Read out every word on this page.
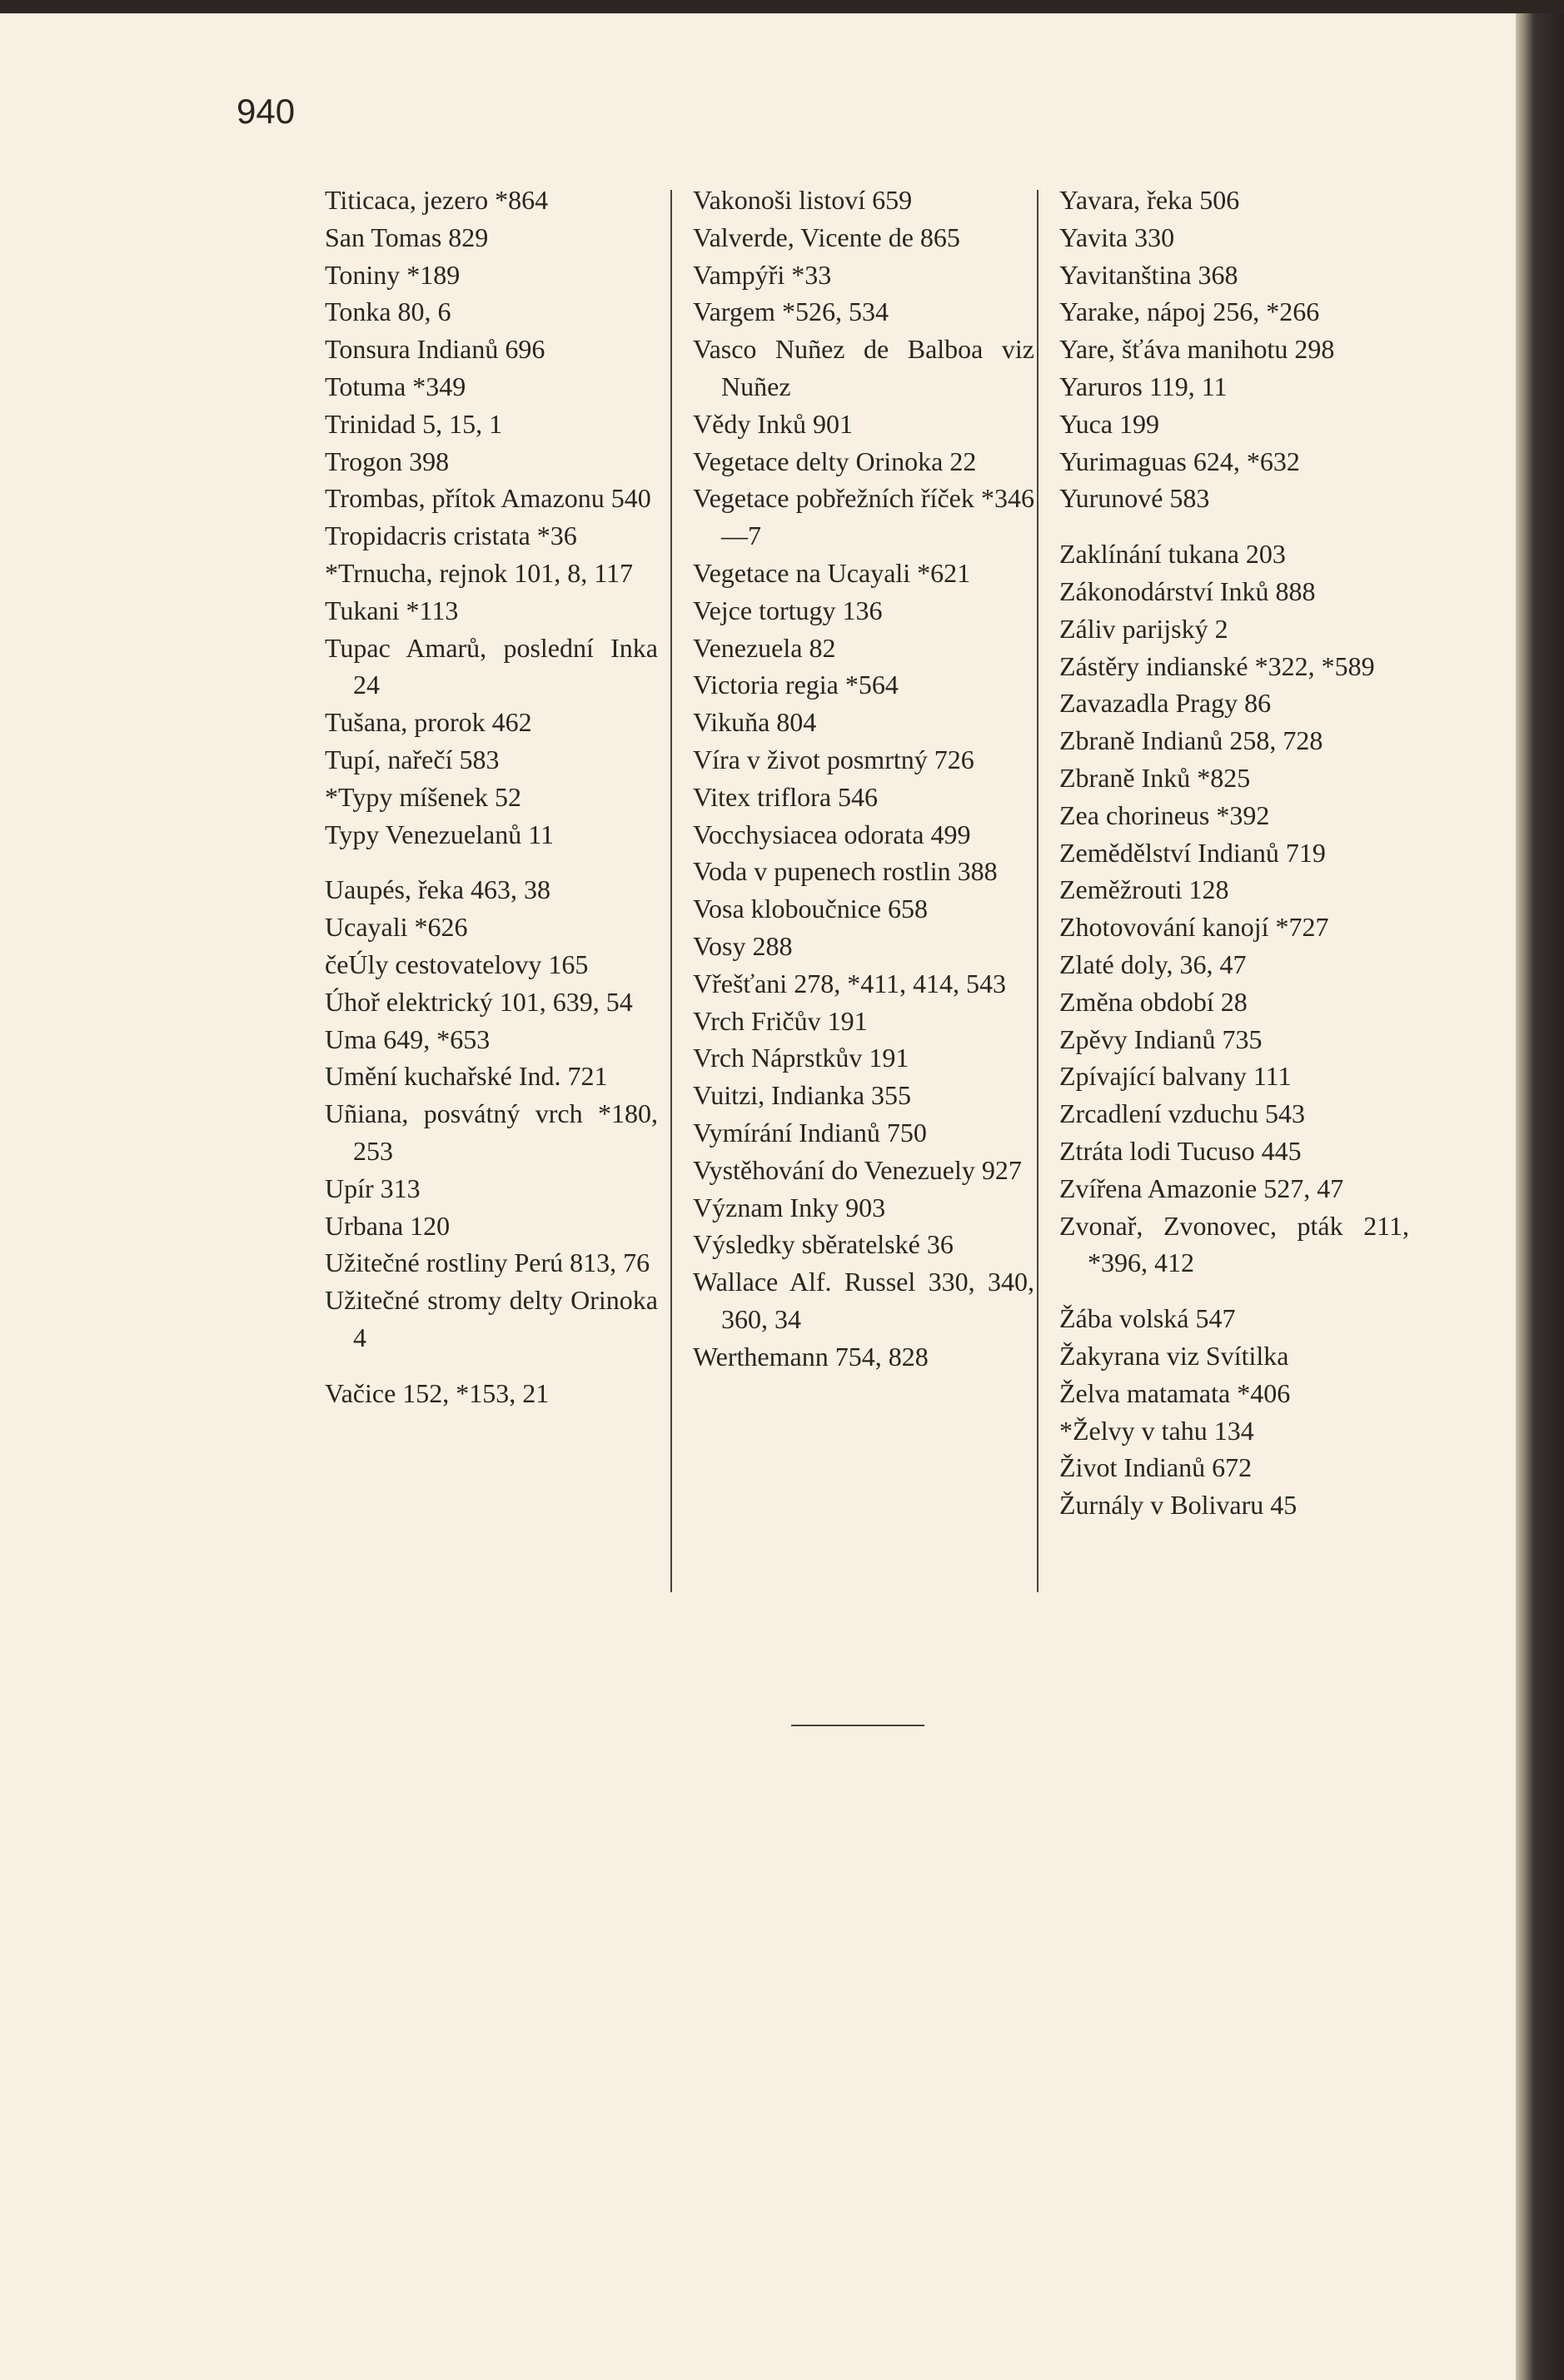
940

Titicaca, jezero *864

San Tomas 829

Toniny *189

Tonka 80, 6

Tonsura Indianů 696

Totuma *349

Trinidad 5, 15, 1

Trogon 398

Trombas, přítok Amazonu 540

Tropidacris cristata *36

*Trnucha, rejnok 101, 8, 117

Tukani *113

Tupac Amarů, poslední Inka 24

Tušana, prorok 462

Tupí, nařečí 583

*Typy míšenek 52

Typy Venezuelanů 11

Uaupés, řeka 463, 38

Ucayali *626

čeÚly cestovatelovy 165

Úhoř elektrický 101, 639, 54

Uma 649, *653

Umění kuchařské Ind. 721

Uñiana, posvátný vrch *180, 253

Upír 313

Urbana 120

Užitečné rostliny Perú 813, 76

Užitečné stromy delty Orinoka 4

Vačice 152, *153, 21

Vakonoši listoví 659

Valverde, Vicente de 865

Vampýři *33

Vargem *526, 534

Vasco Nuñez de Balboa viz Nuñez

Vědy Inků 901

Vegetace delty Orinoka 22

Vegetace pobřežních říček *346—7

Vegetace na Ucayali *621

Vejce tortugy 136

Venezuela 82

Victoria regia *564

Vikuňa 804

Víra v život posmrtný 726

Vitex triflora 546

Vocchysiacea odorata 499

Voda v pupenech rostlin 388

Vosa kloboučnice 658

Vosy 288

Vřešťani 278, *411, 414, 543

Vrch Fričův 191

Vrch Náprstkův 191

Vuitzi, Indianka 355

Vymírání Indianů 750

Vystěhování do Venezuely 927

Význam Inky 903

Výsledky sběratelské 36

Wallace Alf. Russel 330, 340, 360, 34

Werthemann 754, 828

Yavara, řeka 506

Yavita 330

Yavitanština 368

Yarake, nápoj 256, *266

Yare, šťáva manihotu 298

Yaruros 119, 11

Yuca 199

Yurimaguas 624, *632

Yurunové 583

Zaklínání tukana 203

Zákonodárství Inků 888

Záliv parijský 2

Zástěry indianské *322, *589

Zavazadla Pragy 86

Zbraně Indianů 258, 728

Zbraně Inků *825

Zea chorineus *392

Zemědělství Indianů 719

Zeměžrouti 128

Zhotovování kanojí *727

Zlaté doly, 36, 47

Změna období 28

Zpěvy Indianů 735

Zpívající balvany 111

Zrcadlení vzduchu 543

Ztráta lodi Tucuso 445

Zvířena Amazonie 527, 47

Zvonař, Zvonovec, pták 211, *396, 412

Žába volská 547

Žakyrana viz Svítilka

Želva matamata *406

*Želvy v tahu 134

Život Indianů 672

Žurnály v Bolivaru 45
